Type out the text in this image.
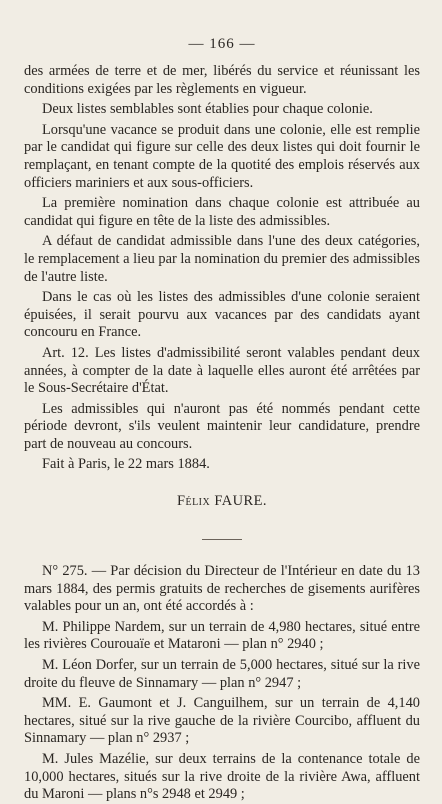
— 166 —

des armées de terre et de mer, libérés du service et réunissant les conditions exigées par les règlements en vigueur.

Deux listes semblables sont établies pour chaque colonie.

Lorsqu'une vacance se produit dans une colonie, elle est remplie par le candidat qui figure sur celle des deux listes qui doit fournir le remplaçant, en tenant compte de la quotité des emplois réservés aux officiers mariniers et aux sous-officiers.

La première nomination dans chaque colonie est attribuée au candidat qui figure en tête de la liste des admissibles.

A défaut de candidat admissible dans l'une des deux catégories, le remplacement a lieu par la nomination du premier des admissibles de l'autre liste.

Dans le cas où les listes des admissibles d'une colonie seraient épuisées, il serait pourvu aux vacances par des candidats ayant concouru en France.

Art. 12. Les listes d'admissibilité seront valables pendant deux années, à compter de la date à laquelle elles auront été arrêtées par le Sous-Secrétaire d'État.

Les admissibles qui n'auront pas été nommés pendant cette période devront, s'ils veulent maintenir leur candidature, prendre part de nouveau au concours.

Fait à Paris, le 22 mars 1884.

Félix FAURE.

N° 275. — Par décision du Directeur de l'Intérieur en date du 13 mars 1884, des permis gratuits de recherches de gisements aurifères valables pour un an, ont été accordés à :

M. Philippe Nardem, sur un terrain de 4,980 hectares, situé entre les rivières Courouaïe et Mataroni — plan n° 2940 ;

M. Léon Dorfer, sur un terrain de 5,000 hectares, situé sur la rive droite du fleuve de Sinnamary — plan n° 2947 ;

MM. E. Gaumont et J. Canguilhem, sur un terrain de 4,140 hectares, situé sur la rive gauche de la rivière Courcibo, affluent du Sinnamary — plan n° 2937 ;

M. Jules Mazélie, sur deux terrains de la contenance totale de 10,000 hectares, situés sur la rive droite de la rivière Awa, affluent du Maroni — plans n°s 2948 et 2949 ;
